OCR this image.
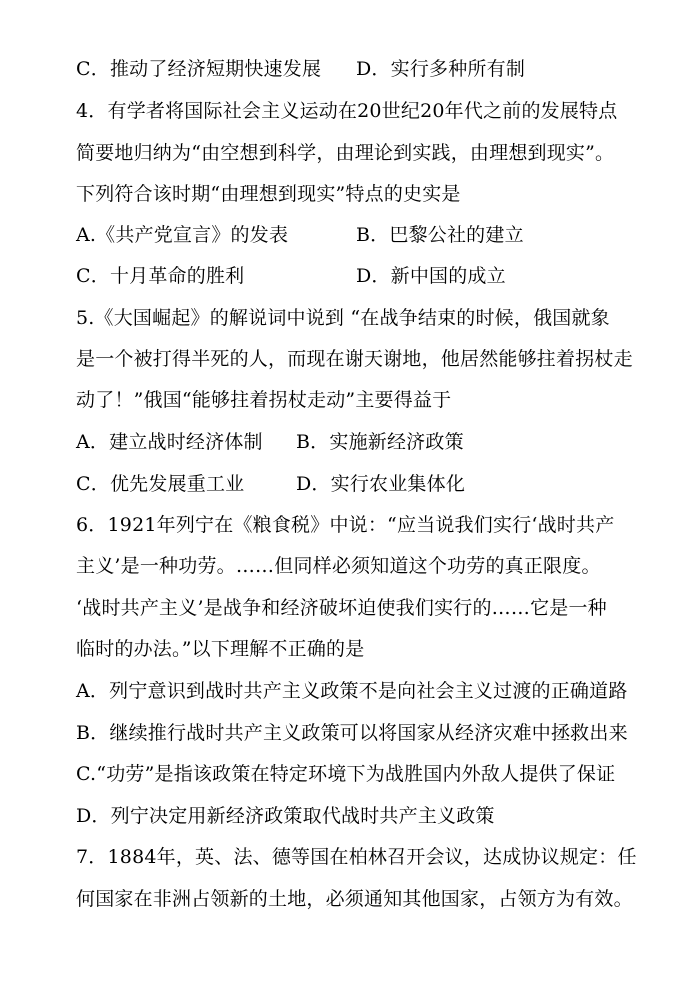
C．推动了经济短期快速发展 D．实行多种所有制
4．有学者将国际社会主义运动在20世纪20年代之前的发展特点
简要地归纳为“由空想到科学，由理论到实践，由理想到现实”。
下列符合该时期“由理想到现实”特点的史实是
A.《共产党宣言》的发表	B．巴黎公社的建立
C．十月革命的胜利	D．新中国的成立
5.《大国崛起》的解说词中说到 “在战争结束的时候，俄国就象
是一个被打得半死的人，而现在谢天谢地，他居然能够拄着拐杖走
动了！”俄国“能够拄着拐杖走动”主要得益于
A．建立战时经济体制 B．实施新经济政策
C．优先发展重工业	D．实行农业集体化
6．1921年列宁在《粮食税》中说：“应当说我们实行‘战时共产
主义’是一种功劳。……但同样必须知道这个功劳的真正限度。
‘战时共产主义’是战争和经济破坏迫使我们实行的……它是一种
临时的办法。”以下理解不正确的是
A．列宁意识到战时共产主义政策不是向社会主义过渡的正确道路
B．继续推行战时共产主义政策可以将国家从经济灾难中拯救出来
C.“功劳”是指该政策在特定环境下为战胜国内外敌人提供了保证
D．列宁决定用新经济政策取代战时共产主义政策
7．1884年，英、法、德等国在柏林召开会议，达成协议规定：任
何国家在非洲占领新的土地，必须通知其他国家，占领方为有效。
